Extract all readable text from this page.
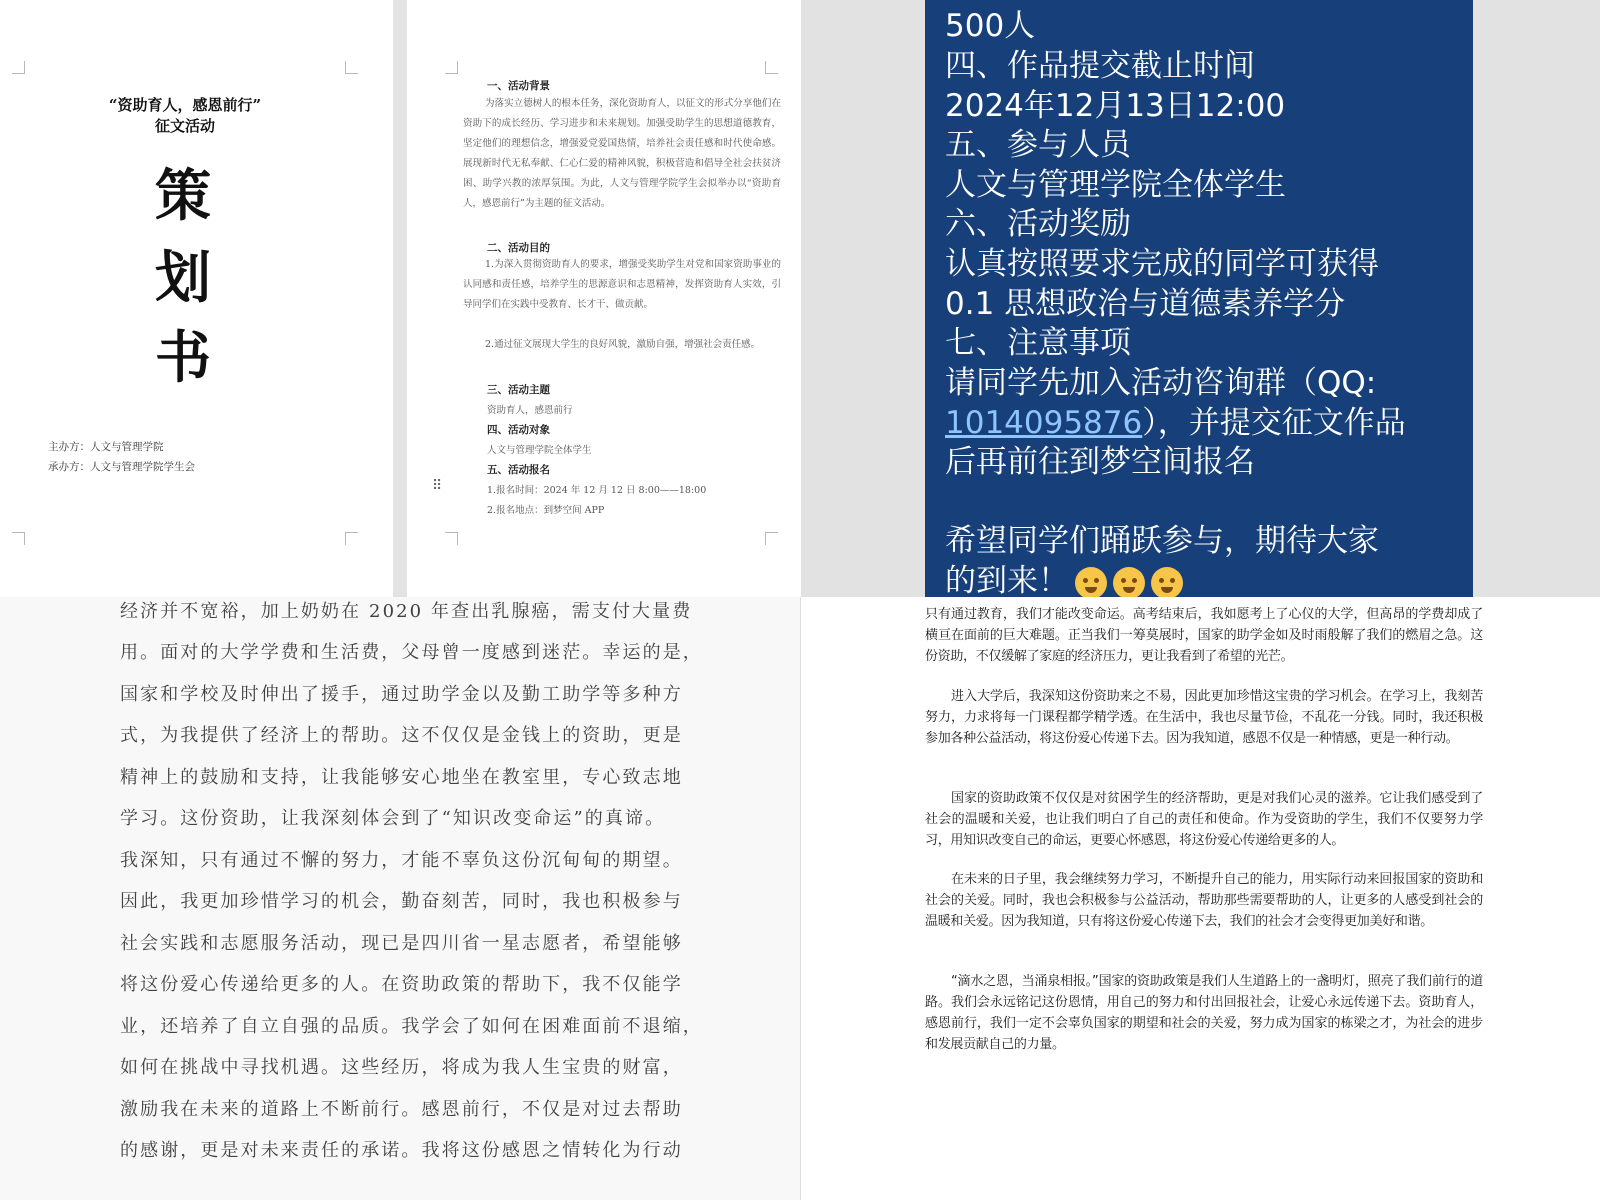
“资助育人，感恩前行”
征文活动
策
划
书
主办方：人文与管理学院
承办方：人文与管理学院学生会
一、活动背景
为落实立德树人的根本任务，深化资助育人，以征文的形式分享他们在资助下的成长经历、学习进步和未来规划。加强受助学生的思想道德教育，坚定他们的理想信念，增强爱党爱国热情，培养社会责任感和时代使命感。展现新时代无私奉献、仁心仁爱的精神风貌，积极营造和倡导全社会扶贫济困、助学兴教的浓厚氛围。为此，人文与管理学院学生会拟举办以“资助育人，感恩前行”为主题的征文活动。
二、活动目的
1.为深入贯彻资助育人的要求，增强受奖助学生对党和国家资助事业的认同感和责任感，培养学生的思源意识和志恩精神，发挥资助育人实效，引导同学们在实践中受教育、长才干、做贡献。
2.通过征文展现大学生的良好风貌，激励自强，增强社会责任感。
三、活动主题
资助育人，感恩前行
四、活动对象
人文与管理学院全体学生
五、活动报名
1.报名时间：2024 年 12 月 12 日 8:00——18:00
2.报名地点：到梦空间 APP
⠿
500人
四、作品提交截止时间
2024年12月13日12:00
五、参与人员
人文与管理学院全体学生
六、活动奖励
认真按照要求完成的同学可获得
0.1 思想政治与道德素养学分
七、注意事项
请同学先加入活动咨询群（QQ:
1014095876），并提交征文作品
后再前往到梦空间报名
希望同学们踊跃参与，期待大家
的到来！
经济并不宽裕，加上奶奶在 2020 年查出乳腺癌，需支付大量费
用。面对的大学学费和生活费，父母曾一度感到迷茫。幸运的是，
国家和学校及时伸出了援手，通过助学金以及勤工助学等多种方
式，为我提供了经济上的帮助。这不仅仅是金钱上的资助，更是
精神上的鼓励和支持，让我能够安心地坐在教室里，专心致志地
学习。这份资助，让我深刻体会到了“知识改变命运”的真谛。
我深知，只有通过不懈的努力，才能不辜负这份沉甸甸的期望。
因此，我更加珍惜学习的机会，勤奋刻苦，同时，我也积极参与
社会实践和志愿服务活动，现已是四川省一星志愿者，希望能够
将这份爱心传递给更多的人。在资助政策的帮助下，我不仅能学
业，还培养了自立自强的品质。我学会了如何在困难面前不退缩，
如何在挑战中寻找机遇。这些经历，将成为我人生宝贵的财富，
激励我在未来的道路上不断前行。感恩前行，不仅是对过去帮助
的感谢，更是对未来责任的承诺。我将这份感恩之情转化为行动
只有通过教育，我们才能改变命运。高考结束后，我如愿考上了心仪的大学，但高昂的学费却成了横亘在面前的巨大难题。正当我们一筹莫展时，国家的助学金如及时雨般解了我们的燃眉之急。这份资助，不仅缓解了家庭的经济压力，更让我看到了希望的光芒。
进入大学后，我深知这份资助来之不易，因此更加珍惜这宝贵的学习机会。在学习上，我刻苦努力，力求将每一门课程都学精学透。在生活中，我也尽量节俭，不乱花一分钱。同时，我还积极参加各种公益活动，将这份爱心传递下去。因为我知道，感恩不仅是一种情感，更是一种行动。
国家的资助政策不仅仅是对贫困学生的经济帮助，更是对我们心灵的滋养。它让我们感受到了社会的温暖和关爱，也让我们明白了自己的责任和使命。作为受资助的学生，我们不仅要努力学习，用知识改变自己的命运，更要心怀感恩，将这份爱心传递给更多的人。
在未来的日子里，我会继续努力学习，不断提升自己的能力，用实际行动来回报国家的资助和社会的关爱。同时，我也会积极参与公益活动，帮助那些需要帮助的人，让更多的人感受到社会的温暖和关爱。因为我知道，只有将这份爱心传递下去，我们的社会才会变得更加美好和谐。
“滴水之恩，当涌泉相报。”国家的资助政策是我们人生道路上的一盏明灯，照亮了我们前行的道路。我们会永远铭记这份恩情，用自己的努力和付出回报社会，让爱心永远传递下去。资助育人，感恩前行，我们一定不会辜负国家的期望和社会的关爱，努力成为国家的栋梁之才，为社会的进步和发展贡献自己的力量。
